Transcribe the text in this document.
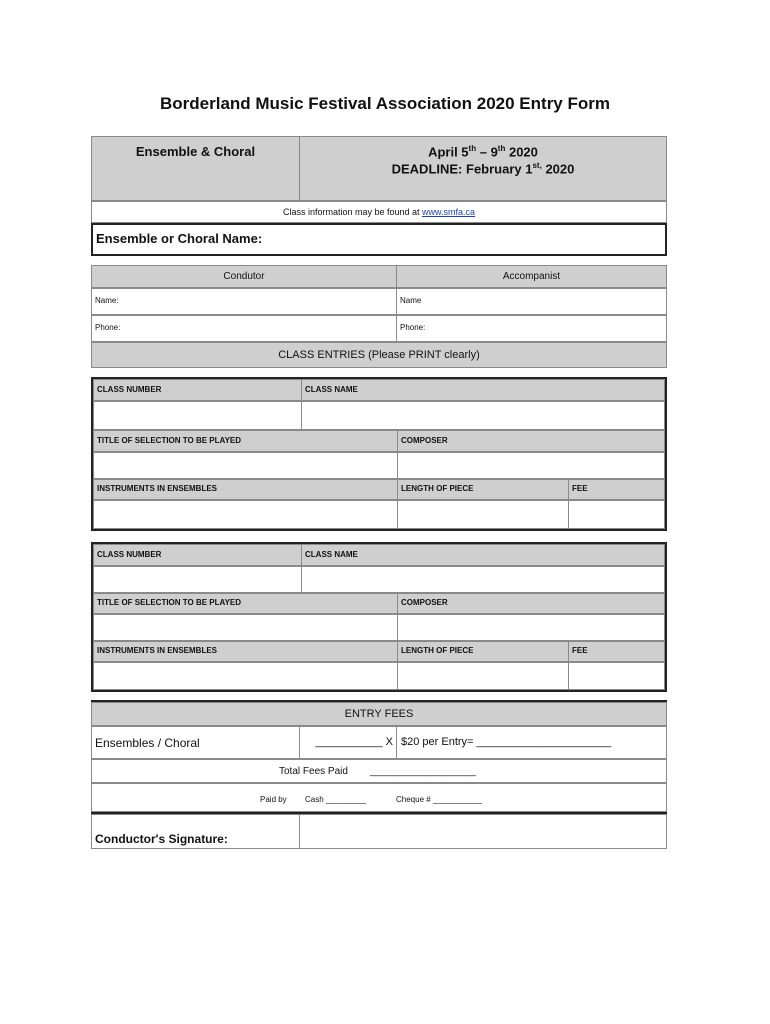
Borderland Music Festival Association 2020 Entry Form
Ensemble & Choral	April 5th – 9th 2020
DEADLINE: February $1^{st,}$ 2020
Class information may be found at www.smfa.ca
Ensemble or Choral Name:
Condutor	Accompanist
Name:	Name
Phone:	Phone:
CLASS ENTRIES (Please PRINT clearly)
CLASS NUMBER	CLASS NAME
TITLE OF SELECTION TO BE PLAYED	COMPOSER
INSTRUMENTS IN ENSEMBLES	LENGTH OF PIECE	FEE
CLASS NUMBER	CLASS NAME
TITLE OF SELECTION TO BE PLAYED	COMPOSER
INSTRUMENTS IN ENSEMBLES	LENGTH OF PIECE	FEE
ENTRY FEES
Ensembles / Choral	___________ X $20 per Entry= ______________________
Total Fees Paid ___________________
Paid by Cash _________	Cheque # ___________
Conductor's Signature:
